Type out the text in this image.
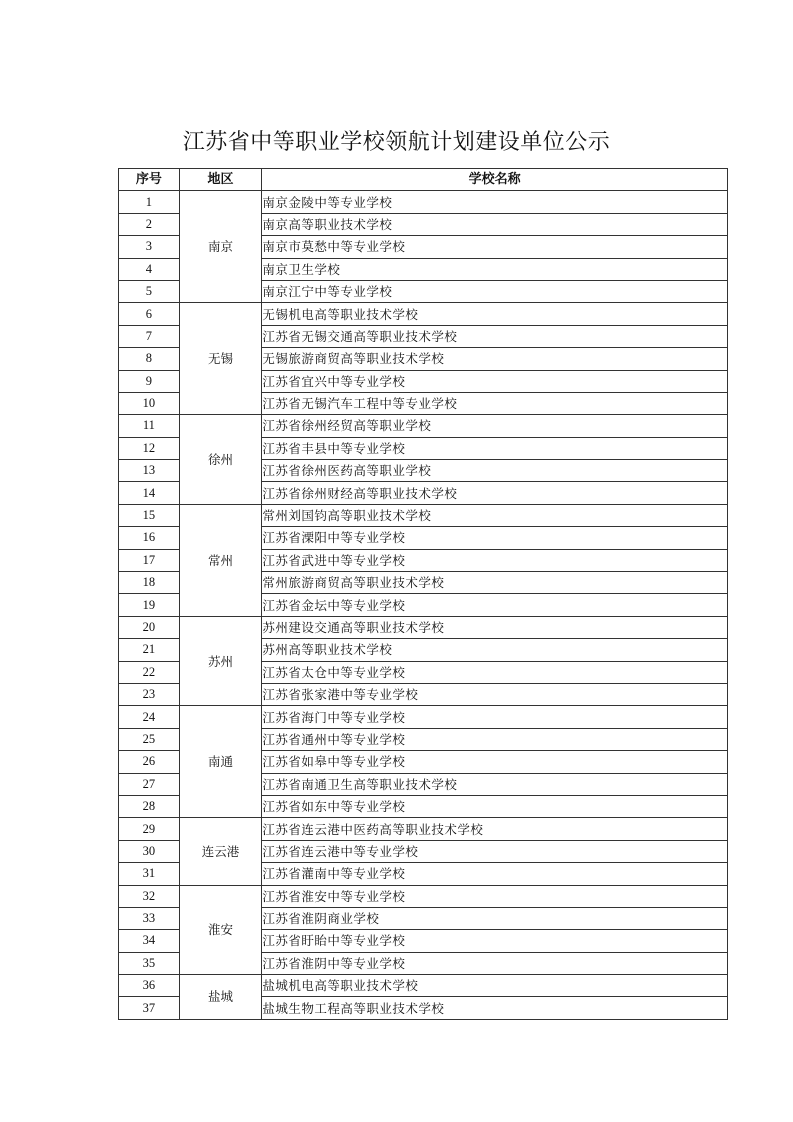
江苏省中等职业学校领航计划建设单位公示
序号	地区	学校名称
1	南京	南京金陵中等专业学校
2		南京高等职业技术学校
3		南京市莫愁中等专业学校
4		南京卫生学校
5		南京江宁中等专业学校
6	无锡	无锡机电高等职业技术学校
7		江苏省无锡交通高等职业技术学校
8		无锡旅游商贸高等职业技术学校
9		江苏省宜兴中等专业学校
10		江苏省无锡汽车工程中等专业学校
11	徐州	江苏省徐州经贸高等职业学校
12		江苏省丰县中等专业学校
13		江苏省徐州医药高等职业学校
14		江苏省徐州财经高等职业技术学校
15	常州	常州刘国钧高等职业技术学校
16		江苏省溧阳中等专业学校
17		江苏省武进中等专业学校
18		常州旅游商贸高等职业技术学校
19		江苏省金坛中等专业学校
20	苏州	苏州建设交通高等职业技术学校
21		苏州高等职业技术学校
22		江苏省太仓中等专业学校
23		江苏省张家港中等专业学校
24	南通	江苏省海门中等专业学校
25		江苏省通州中等专业学校
26		江苏省如皋中等专业学校
27		江苏省南通卫生高等职业技术学校
28		江苏省如东中等专业学校
29	连云港	江苏省连云港中医药高等职业技术学校
30		江苏省连云港中等专业学校
31		江苏省灌南中等专业学校
32	淮安	江苏省淮安中等专业学校
33		江苏省淮阴商业学校
34		江苏省盱眙中等专业学校
35		江苏省淮阴中等专业学校
36	盐城	盐城机电高等职业技术学校
37		盐城生物工程高等职业技术学校
